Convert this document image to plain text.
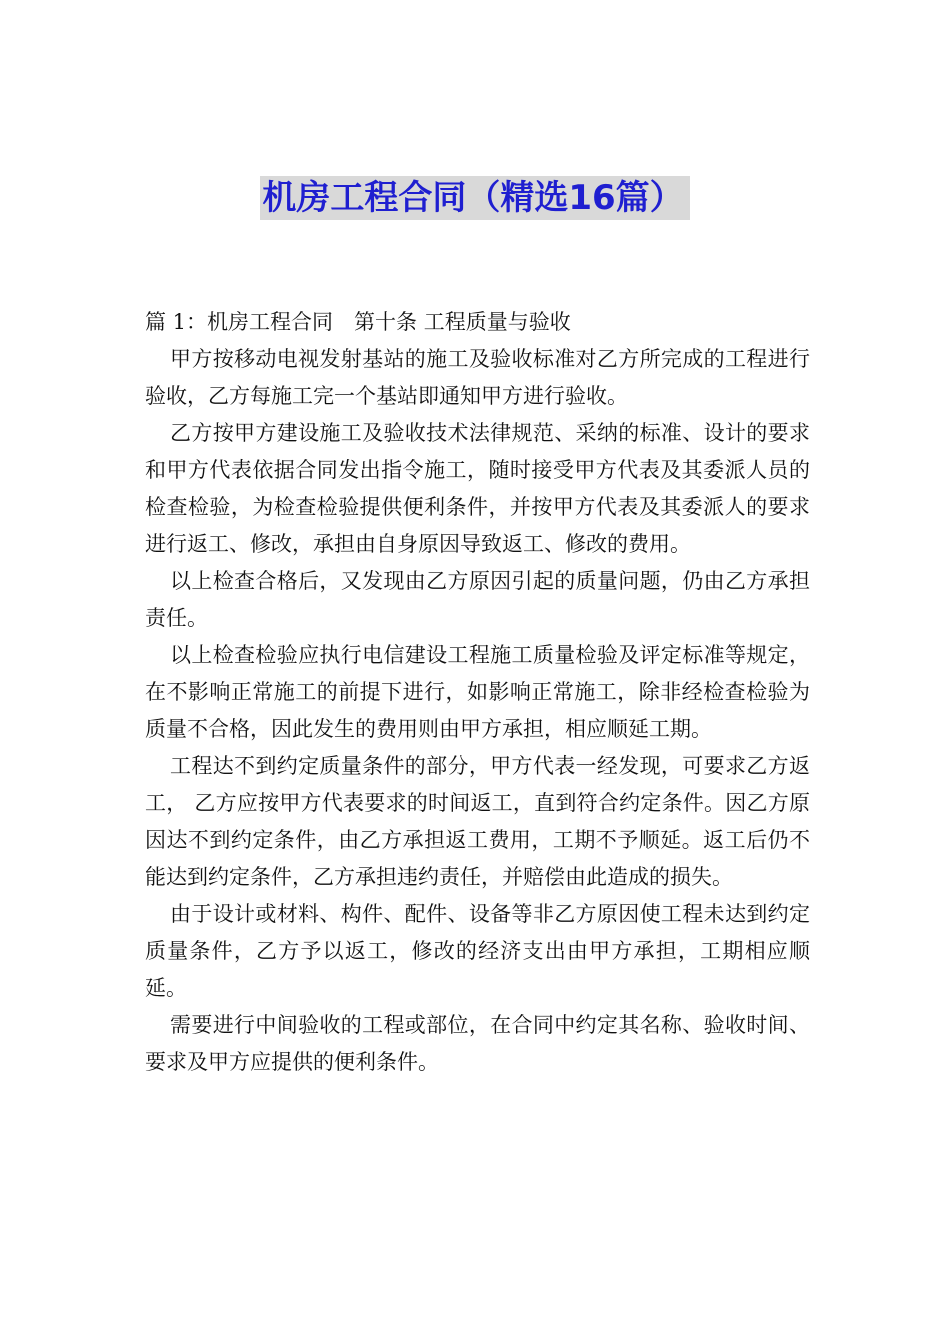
机房工程合同（精选16篇）

篇 1：机房工程合同　第十条 工程质量与验收

甲方按移动电视发射基站的施工及验收标准对乙方所完成的工程进行验收，乙方每施工完一个基站即通知甲方进行验收。

乙方按甲方建设施工及验收技术法律规范、采纳的标准、设计的要求和甲方代表依据合同发出指令施工，随时接受甲方代表及其委派人员的检查检验，为检查检验提供便利条件，并按甲方代表及其委派人的要求进行返工、修改，承担由自身原因导致返工、修改的费用。

以上检查合格后，又发现由乙方原因引起的质量问题，仍由乙方承担责任。

以上检查检验应执行电信建设工程施工质量检验及评定标准等规定，在不影响正常施工的前提下进行，如影响正常施工，除非经检查检验为质量不合格，因此发生的费用则由甲方承担，相应顺延工期。

工程达不到约定质量条件的部分，甲方代表一经发现，可要求乙方返工， 乙方应按甲方代表要求的时间返工，直到符合约定条件。因乙方原因达不到约定条件，由乙方承担返工费用，工期不予顺延。返工后仍不能达到约定条件，乙方承担违约责任，并赔偿由此造成的损失。

由于设计或材料、构件、配件、设备等非乙方原因使工程未达到约定质量条件，乙方予以返工，修改的经济支出由甲方承担，工期相应顺延。

需要进行中间验收的工程或部位，在合同中约定其名称、验收时间、要求及甲方应提供的便利条件。
